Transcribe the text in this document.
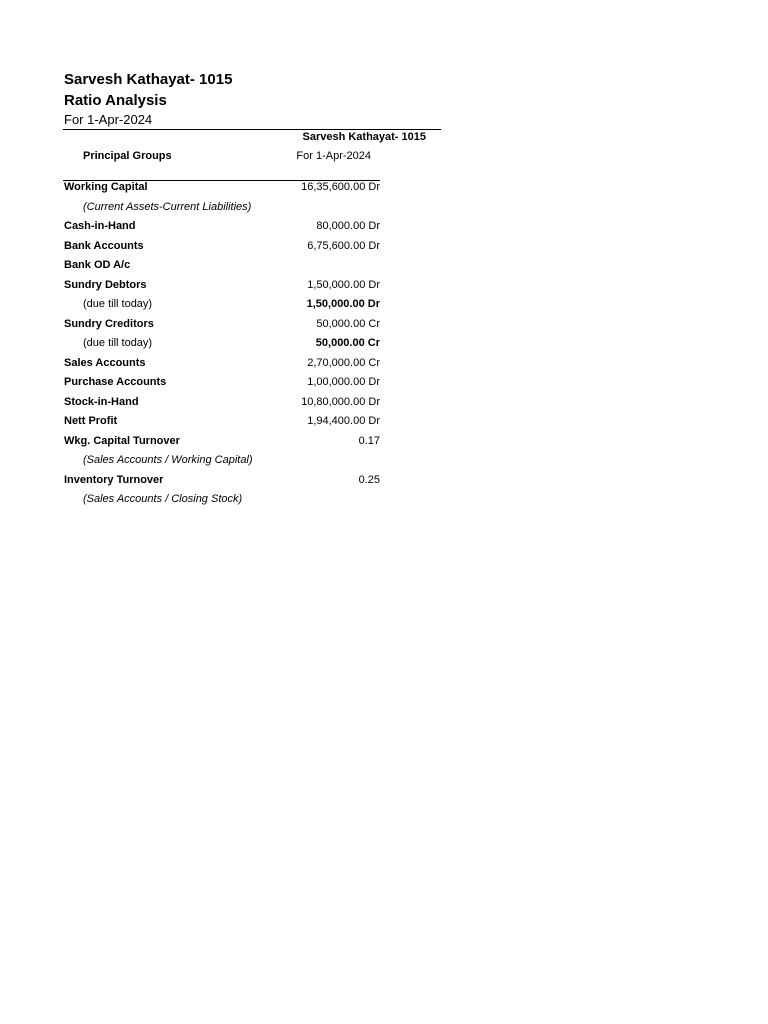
Sarvesh Kathayat- 1015
Ratio Analysis
For 1-Apr-2024
Sarvesh Kathayat- 1015
Principal Groups	For 1-Apr-2024
Working Capital	16,35,600.00 Dr
(Current Assets-Current Liabilities)
Cash-in-Hand	80,000.00 Dr
Bank Accounts	6,75,600.00 Dr
Bank OD A/c
Sundry Debtors	1,50,000.00 Dr
(due till today)	1,50,000.00 Dr
Sundry Creditors	50,000.00 Cr
(due till today)	50,000.00 Cr
Sales Accounts	2,70,000.00 Cr
Purchase Accounts	1,00,000.00 Dr
Stock-in-Hand	10,80,000.00 Dr
Nett Profit	1,94,400.00 Dr
Wkg. Capital Turnover	0.17
(Sales Accounts / Working Capital)
Inventory Turnover	0.25
(Sales Accounts / Closing Stock)
